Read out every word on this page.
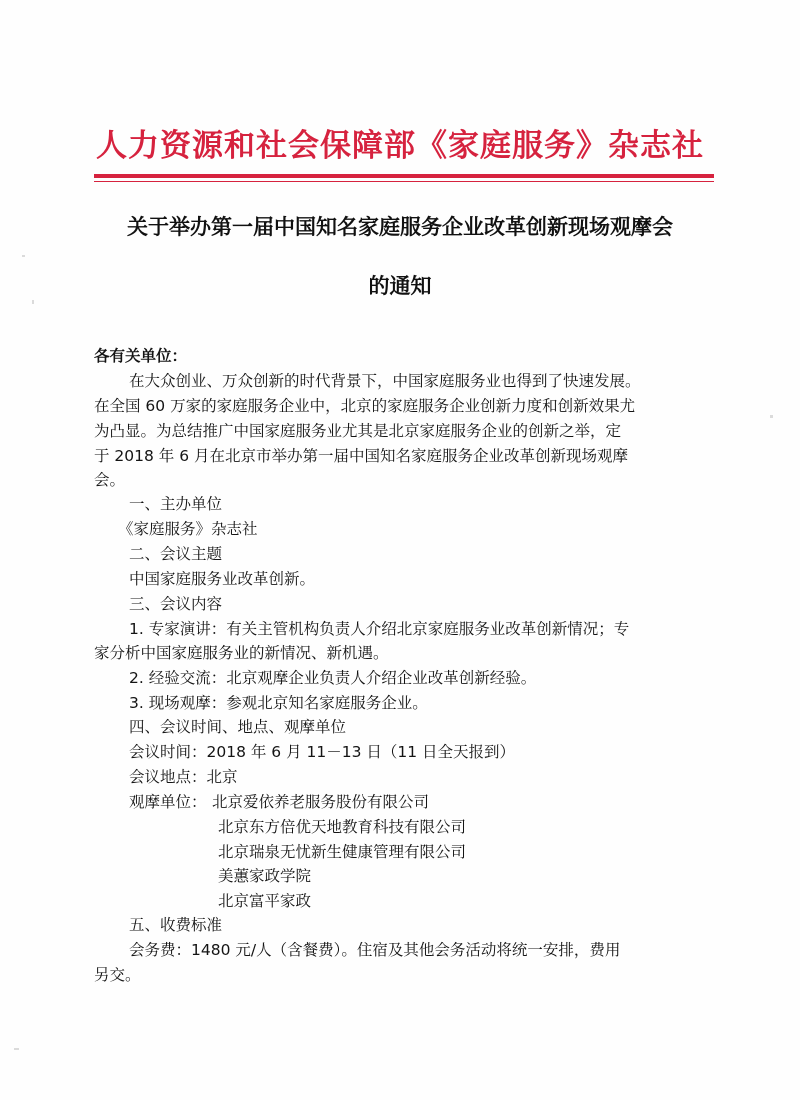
人力资源和社会保障部《家庭服务》杂志社
关于举办第一届中国知名家庭服务企业改革创新现场观摩会
的通知
各有关单位：
在大众创业、万众创新的时代背景下，中国家庭服务业也得到了快速发展。
在全国 60 万家的家庭服务企业中，北京的家庭服务企业创新力度和创新效果尤
为凸显。为总结推广中国家庭服务业尤其是北京家庭服务企业的创新之举，定
于 2018 年 6 月在北京市举办第一届中国知名家庭服务企业改革创新现场观摩
会。
一、主办单位
《家庭服务》杂志社
二、会议主题
中国家庭服务业改革创新。
三、会议内容
1. 专家演讲：有关主管机构负责人介绍北京家庭服务业改革创新情况；专
家分析中国家庭服务业的新情况、新机遇。
2. 经验交流：北京观摩企业负责人介绍企业改革创新经验。
3. 现场观摩：参观北京知名家庭服务企业。
四、会议时间、地点、观摩单位
会议时间：2018 年 6 月 11－13 日（11 日全天报到）
会议地点：北京
观摩单位： 北京爱依养老服务股份有限公司
北京东方倍优天地教育科技有限公司
北京瑞泉无忧新生健康管理有限公司
美蕙家政学院
北京富平家政
五、收费标准
会务费：1480 元/人（含餐费）。住宿及其他会务活动将统一安排，费用
另交。
